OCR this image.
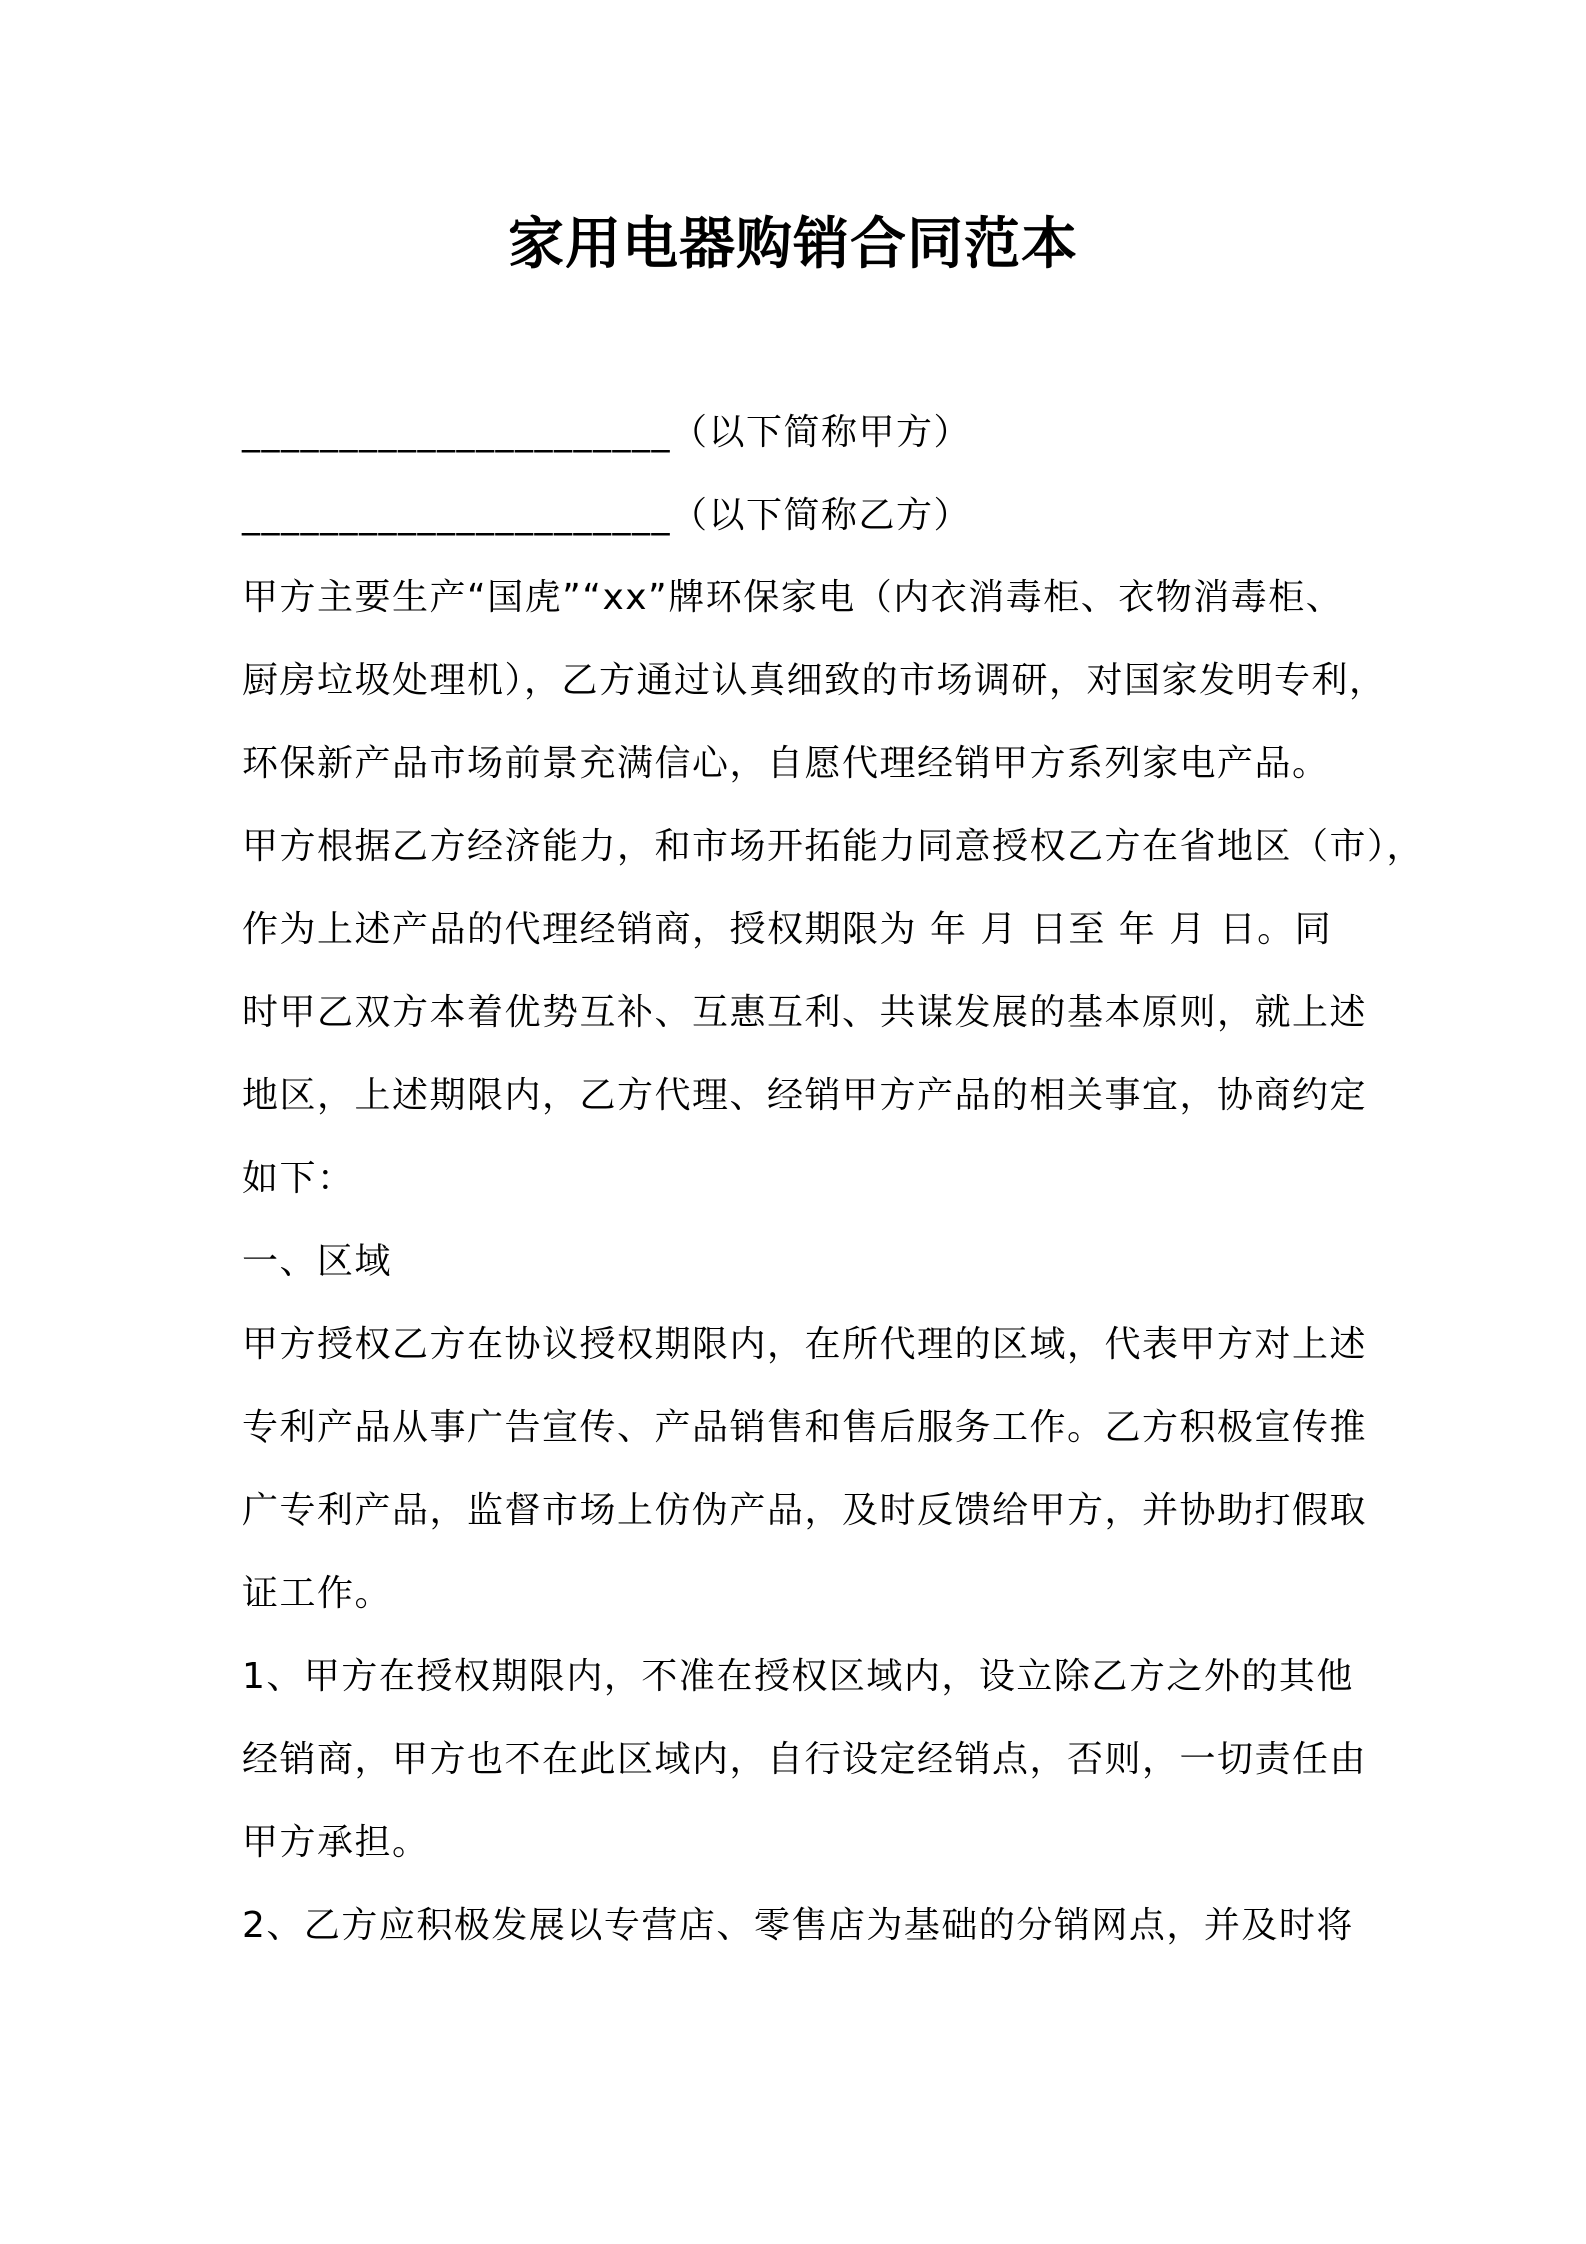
家用电器购销合同范本
______________________（以下简称甲方）
______________________（以下简称乙方）
甲方主要生产“国虎”“xx”牌环保家电（内衣消毒柜、衣物消毒柜、
厨房垃圾处理机），乙方通过认真细致的市场调研，对国家发明专利，
环保新产品市场前景充满信心，自愿代理经销甲方系列家电产品。
甲方根据乙方经济能力，和市场开拓能力同意授权乙方在省地区（市），
作为上述产品的代理经销商，授权期限为 年 月 日至 年 月 日。同
时甲乙双方本着优势互补、互惠互利、共谋发展的基本原则，就上述
地区，上述期限内，乙方代理、经销甲方产品的相关事宜，协商约定
如下：
一、区域
甲方授权乙方在协议授权期限内，在所代理的区域，代表甲方对上述
专利产品从事广告宣传、产品销售和售后服务工作。乙方积极宣传推
广专利产品，监督市场上仿伪产品，及时反馈给甲方，并协助打假取
证工作。
1、甲方在授权期限内，不准在授权区域内，设立除乙方之外的其他
经销商，甲方也不在此区域内，自行设定经销点，否则，一切责任由
甲方承担。
2、乙方应积极发展以专营店、零售店为基础的分销网点，并及时将
